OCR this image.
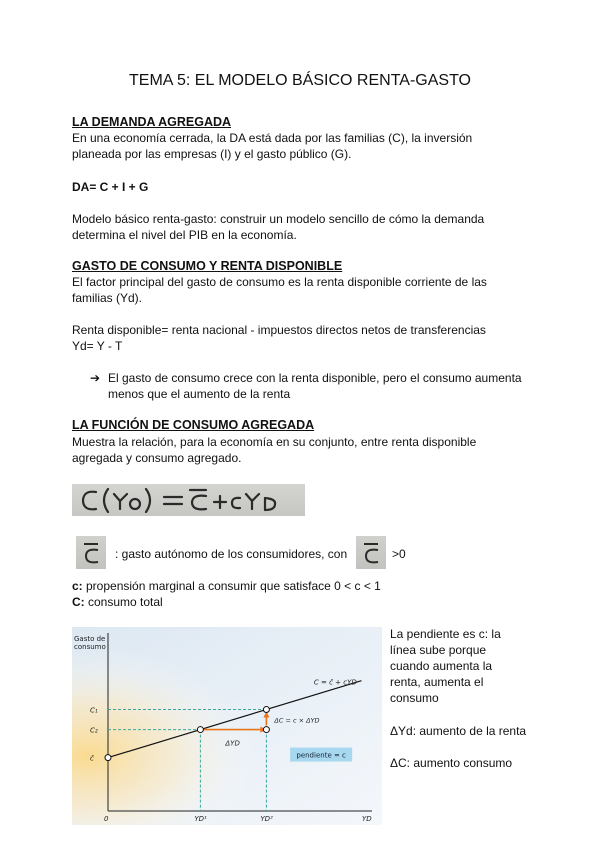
TEMA 5: EL MODELO BÁSICO RENTA-GASTO
LA DEMANDA AGREGADA
En una economía cerrada, la DA está dada por las familias (C), la inversión
planeada por las empresas (I) y el gasto público (G).
DA= C + I + G
Modelo básico renta-gasto: construir un modelo sencillo de cómo la demanda
determina el nivel del PIB en la economía.
GASTO DE CONSUMO Y RENTA DISPONIBLE
El factor principal del gasto de consumo es la renta disponible corriente de las
familias (Yd).
Renta disponible= renta nacional - impuestos directos netos de transferencias
Yd= Y - T
➔ El gasto de consumo crece con la renta disponible, pero el consumo aumenta
menos que el aumento de la renta
LA FUNCIÓN DE CONSUMO AGREGADA
Muestra la relación, para la economía en su conjunto, entre renta disponible
agregada y consumo agregado.
: gasto autónomo de los consumidores, con	>0
c: propensión marginal a consumir que satisface 0 < c < 1
C: consumo total
c̄
C₁
C₂
YD¹	YD²
C = c̄ + cYD
ΔC = c × ΔYD
ΔYD
pendiente = c
Gasto de
consumo
0	YD
La pendiente es c: la
línea sube porque
cuando aumenta la
renta, aumenta el
consumo
ΔYd: aumento de la renta
ΔC: aumento consumo
